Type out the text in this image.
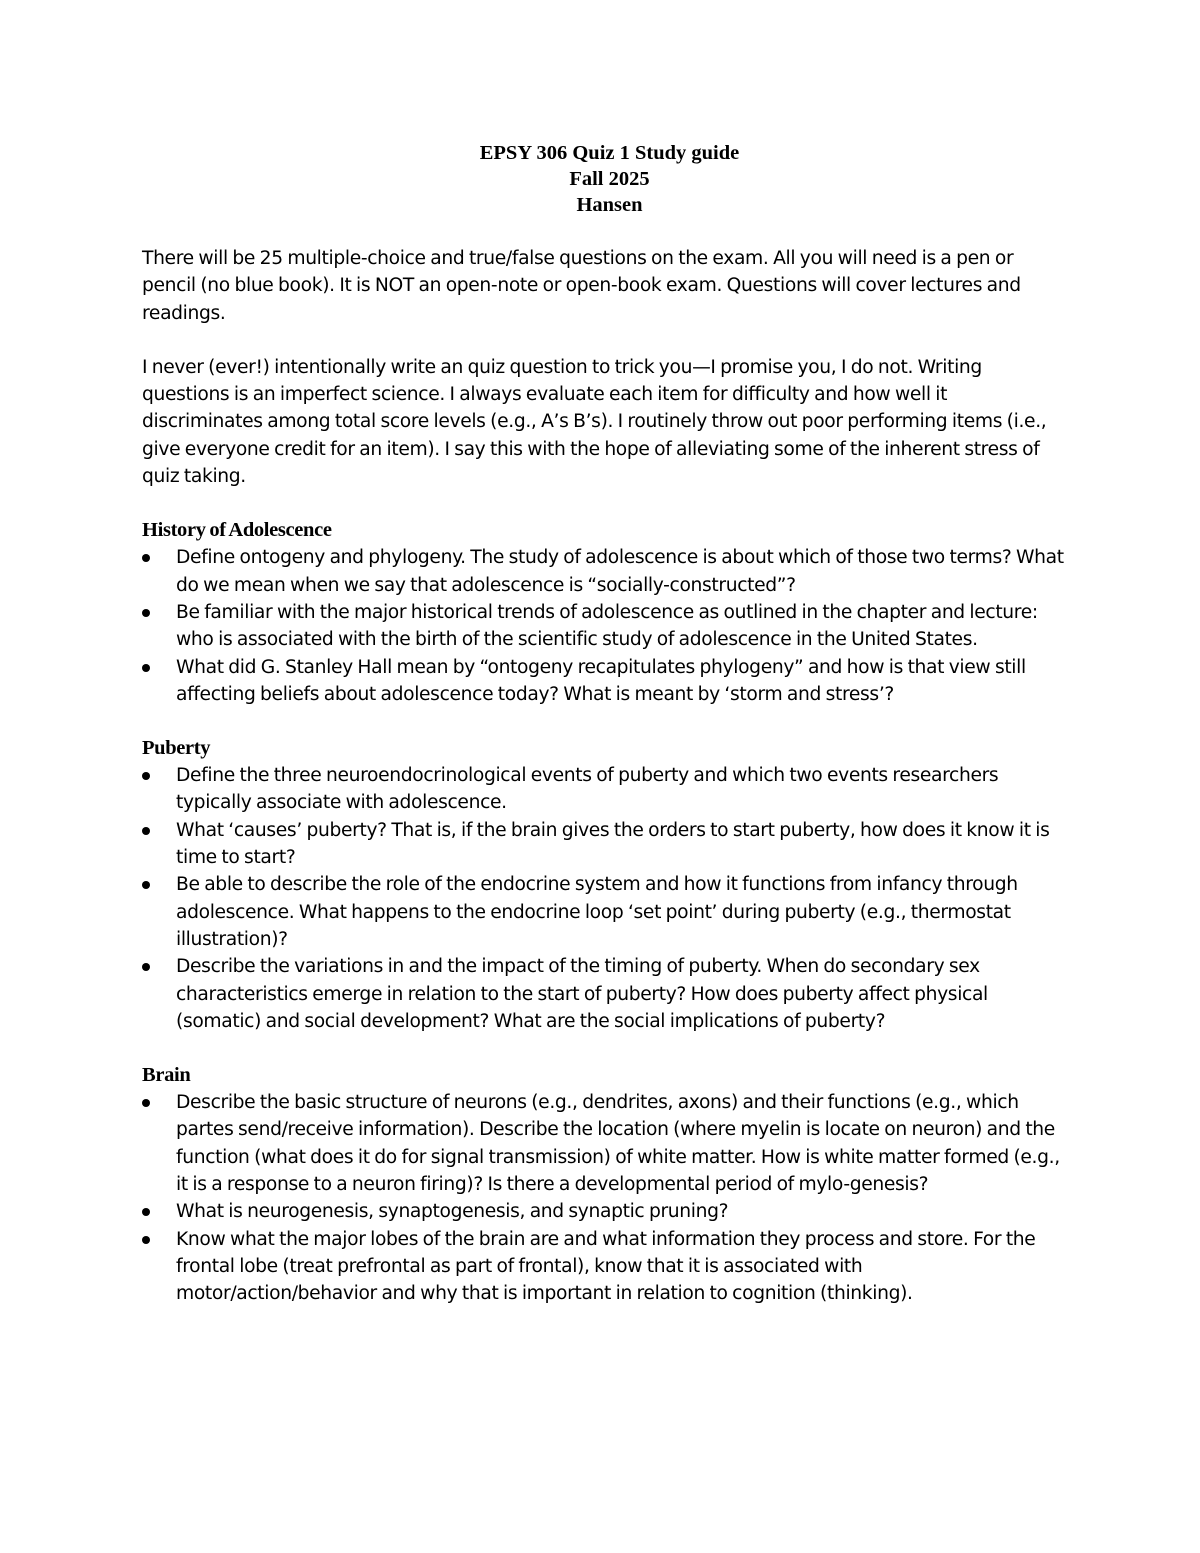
EPSY 306 Quiz 1 Study guide
Fall 2025
Hansen

There will be 25 multiple-choice and true/false questions on the exam. All you will need is a pen or pencil (no blue book). It is NOT an open-note or open-book exam. Questions will cover lectures and readings.

I never (ever!) intentionally write an quiz question to trick you—I promise you, I do not. Writing questions is an imperfect science. I always evaluate each item for difficulty and how well it discriminates among total score levels (e.g., A’s B’s). I routinely throw out poor performing items (i.e., give everyone credit for an item). I say this with the hope of alleviating some of the inherent stress of quiz taking.

History of Adolescence
Define ontogeny and phylogeny. The study of adolescence is about which of those two terms? What do we mean when we say that adolescence is “socially-constructed”?
Be familiar with the major historical trends of adolescence as outlined in the chapter and lecture: who is associated with the birth of the scientific study of adolescence in the United States.
What did G. Stanley Hall mean by “ontogeny recapitulates phylogeny” and how is that view still affecting beliefs about adolescence today? What is meant by ‘storm and stress’?
Puberty
Define the three neuroendocrinological events of puberty and which two events researchers typically associate with adolescence.
What ‘causes’ puberty? That is, if the brain gives the orders to start puberty, how does it know it is time to start?
Be able to describe the role of the endocrine system and how it functions from infancy through adolescence. What happens to the endocrine loop ‘set point’ during puberty (e.g., thermostat illustration)?
Describe the variations in and the impact of the timing of puberty. When do secondary sex characteristics emerge in relation to the start of puberty? How does puberty affect physical (somatic) and social development? What are the social implications of puberty?
Brain
Describe the basic structure of neurons (e.g., dendrites, axons) and their functions (e.g., which partes send/receive information). Describe the location (where myelin is locate on neuron) and the function (what does it do for signal transmission) of white matter. How is white matter formed (e.g., it is a response to a neuron firing)? Is there a developmental period of mylo-genesis?
What is neurogenesis, synaptogenesis, and synaptic pruning?
Know what the major lobes of the brain are and what information they process and store. For the frontal lobe (treat prefrontal as part of frontal), know that it is associated with motor/action/behavior and why that is important in relation to cognition (thinking).
